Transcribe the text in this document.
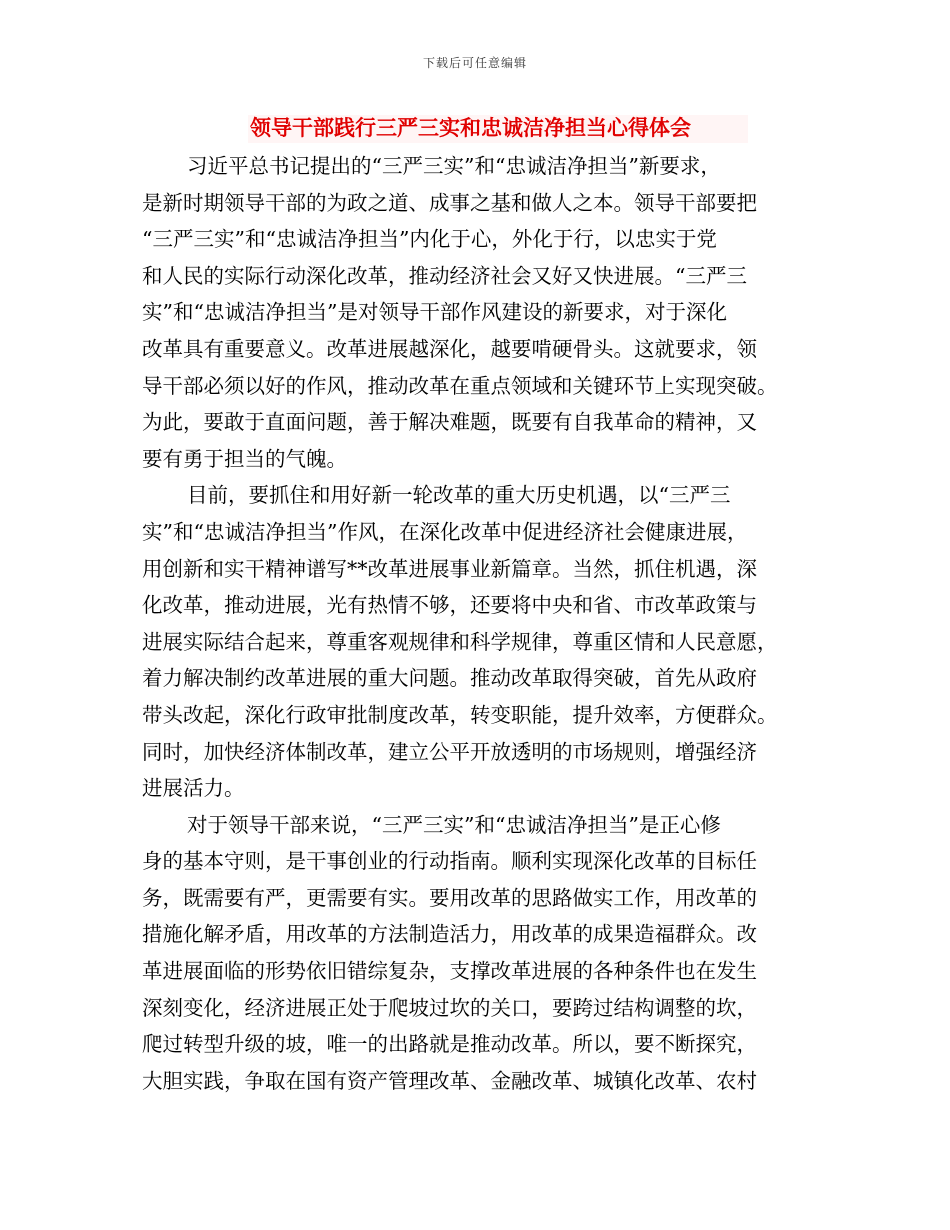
下载后可任意编辑
领导干部践行三严三实和忠诚洁净担当心得体会
习近平总书记提出的“三严三实”和“忠诚洁净担当”新要求，
是新时期领导干部的为政之道、成事之基和做人之本。领导干部要把
“三严三实”和“忠诚洁净担当”内化于心，外化于行，以忠实于党
和人民的实际行动深化改革，推动经济社会又好又快进展。“三严三
实”和“忠诚洁净担当”是对领导干部作风建设的新要求，对于深化
改革具有重要意义。改革进展越深化，越要啃硬骨头。这就要求，领
导干部必须以好的作风，推动改革在重点领域和关键环节上实现突破。
为此，要敢于直面问题，善于解决难题，既要有自我革命的精神，又
要有勇于担当的气魄。
目前，要抓住和用好新一轮改革的重大历史机遇，以“三严三
实”和“忠诚洁净担当”作风，在深化改革中促进经济社会健康进展，
用创新和实干精神谱写**改革进展事业新篇章。当然，抓住机遇，深
化改革，推动进展，光有热情不够，还要将中央和省、市改革政策与
进展实际结合起来，尊重客观规律和科学规律，尊重区情和人民意愿，
着力解决制约改革进展的重大问题。推动改革取得突破，首先从政府
带头改起，深化行政审批制度改革，转变职能，提升效率，方便群众。
同时，加快经济体制改革，建立公平开放透明的市场规则，增强经济
进展活力。
对于领导干部来说，“三严三实”和“忠诚洁净担当”是正心修
身的基本守则，是干事创业的行动指南。顺利实现深化改革的目标任
务，既需要有严，更需要有实。要用改革的思路做实工作，用改革的
措施化解矛盾，用改革的方法制造活力，用改革的成果造福群众。改
革进展面临的形势依旧错综复杂，支撑改革进展的各种条件也在发生
深刻变化，经济进展正处于爬坡过坎的关口，要跨过结构调整的坎，
爬过转型升级的坡，唯一的出路就是推动改革。所以，要不断探究，
大胆实践，争取在国有资产管理改革、金融改革、城镇化改革、农村
